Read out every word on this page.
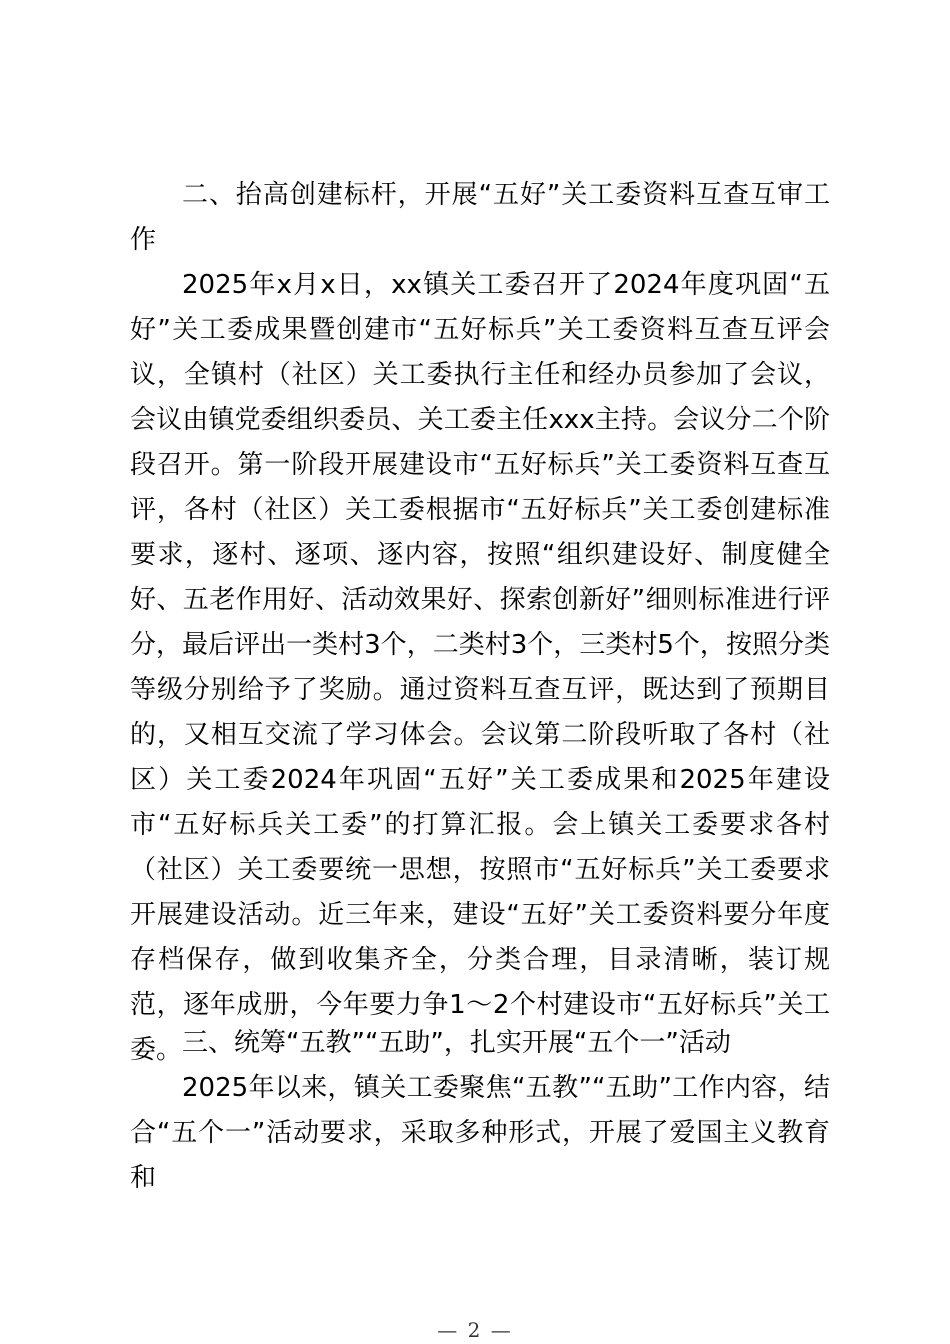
二、抬高创建标杆，开展“五好”关工委资料互查互审工作
2025年x月x日，xx镇关工委召开了2024年度巩固“五好”关工委成果暨创建市“五好标兵”关工委资料互查互评会议，全镇村（社区）关工委执行主任和经办员参加了会议，会议由镇党委组织委员、关工委主任xxx主持。会议分二个阶段召开。第一阶段开展建设市“五好标兵”关工委资料互查互评，各村（社区）关工委根据市“五好标兵”关工委创建标准要求，逐村、逐项、逐内容，按照“组织建设好、制度健全好、五老作用好、活动效果好、探索创新好”细则标准进行评分，最后评出一类村3个，二类村3个，三类村5个，按照分类等级分别给予了奖励。通过资料互查互评，既达到了预期目的，又相互交流了学习体会。会议第二阶段听取了各村（社区）关工委2024年巩固“五好”关工委成果和2025年建设市“五好标兵关工委”的打算汇报。会上镇关工委要求各村（社区）关工委要统一思想，按照市“五好标兵”关工委要求开展建设活动。近三年来，建设“五好”关工委资料要分年度存档保存，做到收集齐全，分类合理，目录清晰，装订规范，逐年成册，今年要力争1～2个村建设市“五好标兵”关工委。 三、统筹“五教”“五助”，扎实开展“五个一”活动
2025年以来，镇关工委聚焦“五教”“五助”工作内容，结合“五个一”活动要求，采取多种形式，开展了爱国主义教育和
— 2 —
